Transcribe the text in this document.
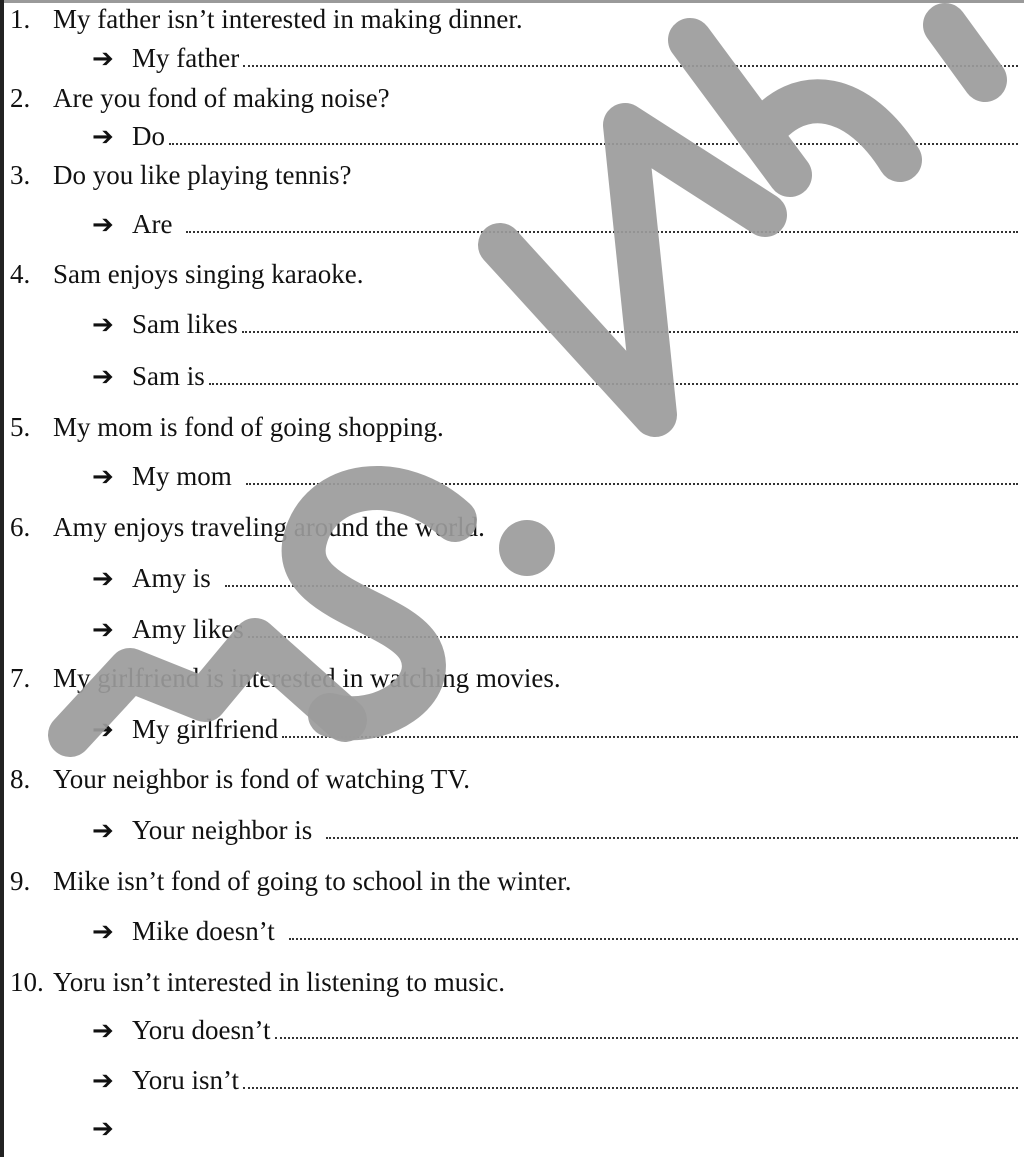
1. My father isn’t interested in making dinner.
➔ My father
2. Are you fond of making noise?
➔ Do
3. Do you like playing tennis?
➔ Are
4. Sam enjoys singing karaoke.
➔ Sam likes
➔ Sam is
5. My mom is fond of going shopping.
➔ My mom
6. Amy enjoys traveling around the world.
➔ Amy is
➔ Amy likes
7. My girlfriend is interested in watching movies.
➔ My girlfriend
8. Your neighbor is fond of watching TV.
➔ Your neighbor is
9. Mike isn’t fond of going to school in the winter.
➔ Mike doesn’t
10. Yoru isn’t interested in listening to music.
➔ Yoru doesn’t
➔ Yoru isn’t
➔
